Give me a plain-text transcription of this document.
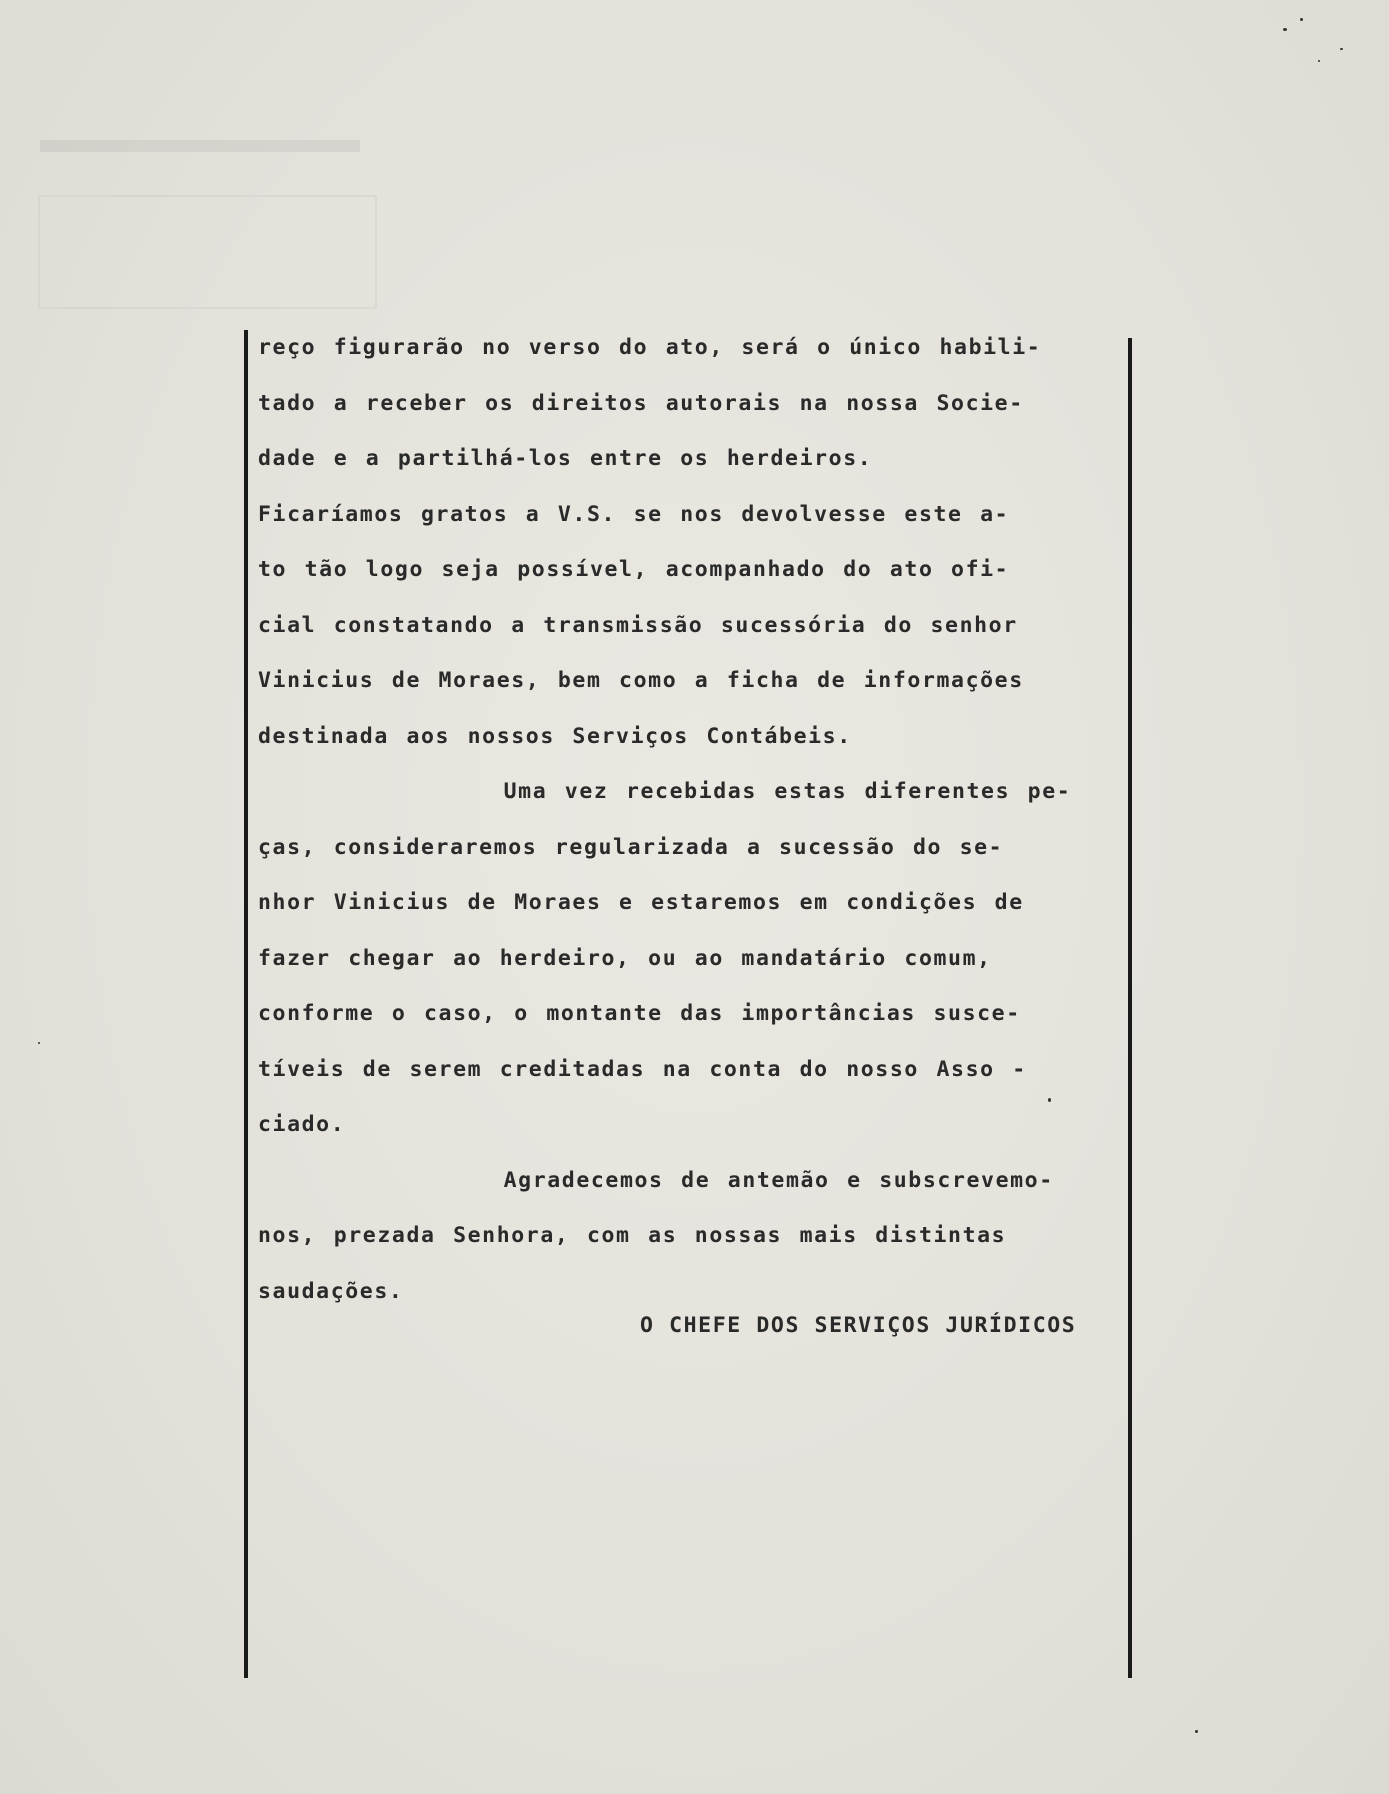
reço figurarão no verso do ato, será o único habili-
tado a receber os direitos autorais na nossa Socie-
dade e a partilhá-los entre os herdeiros.
Ficaríamos gratos a V.S. se nos devolvesse este a-
to tão logo seja possível, acompanhado do ato ofi-
cial constatando a transmissão sucessória do senhor
Vinicius de Moraes, bem como a ficha de informações
destinada aos nossos Serviços Contábeis.
Uma vez recebidas estas diferentes pe-
ças, consideraremos regularizada a sucessão do se-
nhor Vinicius de Moraes e estaremos em condições de
fazer chegar ao herdeiro, ou ao mandatário comum,
conforme o caso, o montante das importâncias susce-
tíveis de serem creditadas na conta do nosso Asso -
ciado.
Agradecemos de antemão e subscrevemo-
nos, prezada Senhora, com as nossas mais distintas
saudações.
O CHEFE DOS SERVIÇOS JURÍDICOS
